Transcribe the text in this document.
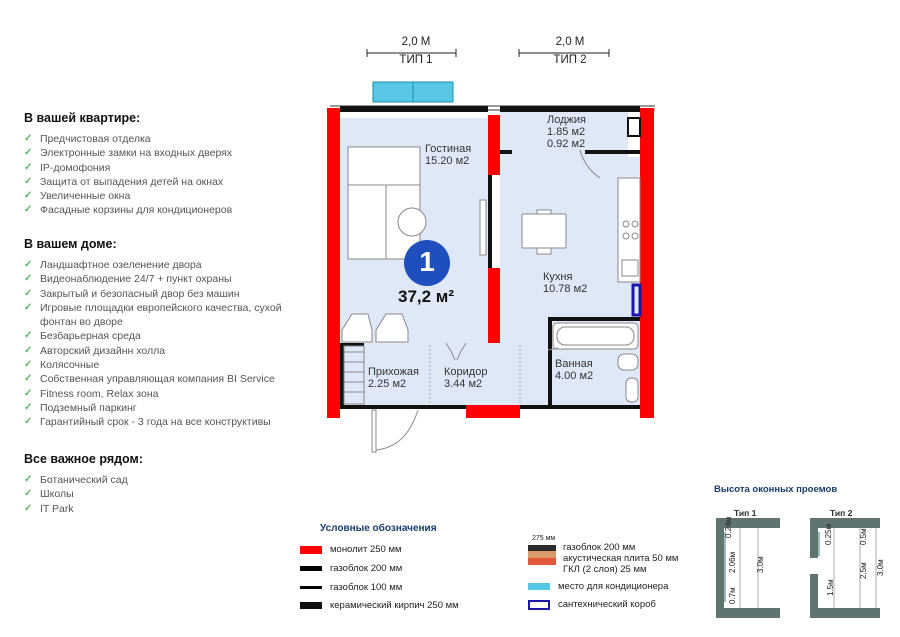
В вашей квартире:
✓ Предчистовая отделка
✓ Электронные замки на входных дверях
✓ IP-домофония
✓ Защита от выпадения детей на окнах
✓ Увеличенные окна
✓ Фасадные корзины для кондиционеров
В вашем доме:
✓ Ландшафтное озеленение двора
✓ Видеонаблюдение 24/7 + пункт охраны
✓ Закрытый и безопасный двор без машин
✓ Игровые площадки европейского качества, сухой фонтан во дворе
✓ Безбарьерная среда
✓ Авторский дизайнн холла
✓ Колясочные
✓ Собственная управляющая компания BI Service
✓ Fitness room, Relax зона
✓ Подземный паркинг
✓ Гарантийный срок - 3 года на все конструктивы
Все важное рядом:
✓ Ботанический сад
✓ Школы
✓ IT Park
2,0 М
ТИП 1
2,0 М
ТИП 2
1
37,2 м²
Гостиная
15.20 м2
Лоджия
1.85 м2
0.92 м2
Кухня
10.78 м2
Прихожая
2.25 м2
Коридор
3.44 м2
Ванная
4.00 м2
Условные обозначения
монолит 250 мм
газоблок 200 мм
газоблок 100 мм
керамический кирпич 250 мм
275 мм
газоблок 200 мм
акустическая плита 50 мм
ГКЛ (2 слоя) 25 мм
место для кондиционера
сантехнический короб
Высота оконных проемов
Тип 1	Тип 2
0.24м
2.06м
0.7м
3.0м
0.25м
1.5м
0.5м
2.5м 3.0м
